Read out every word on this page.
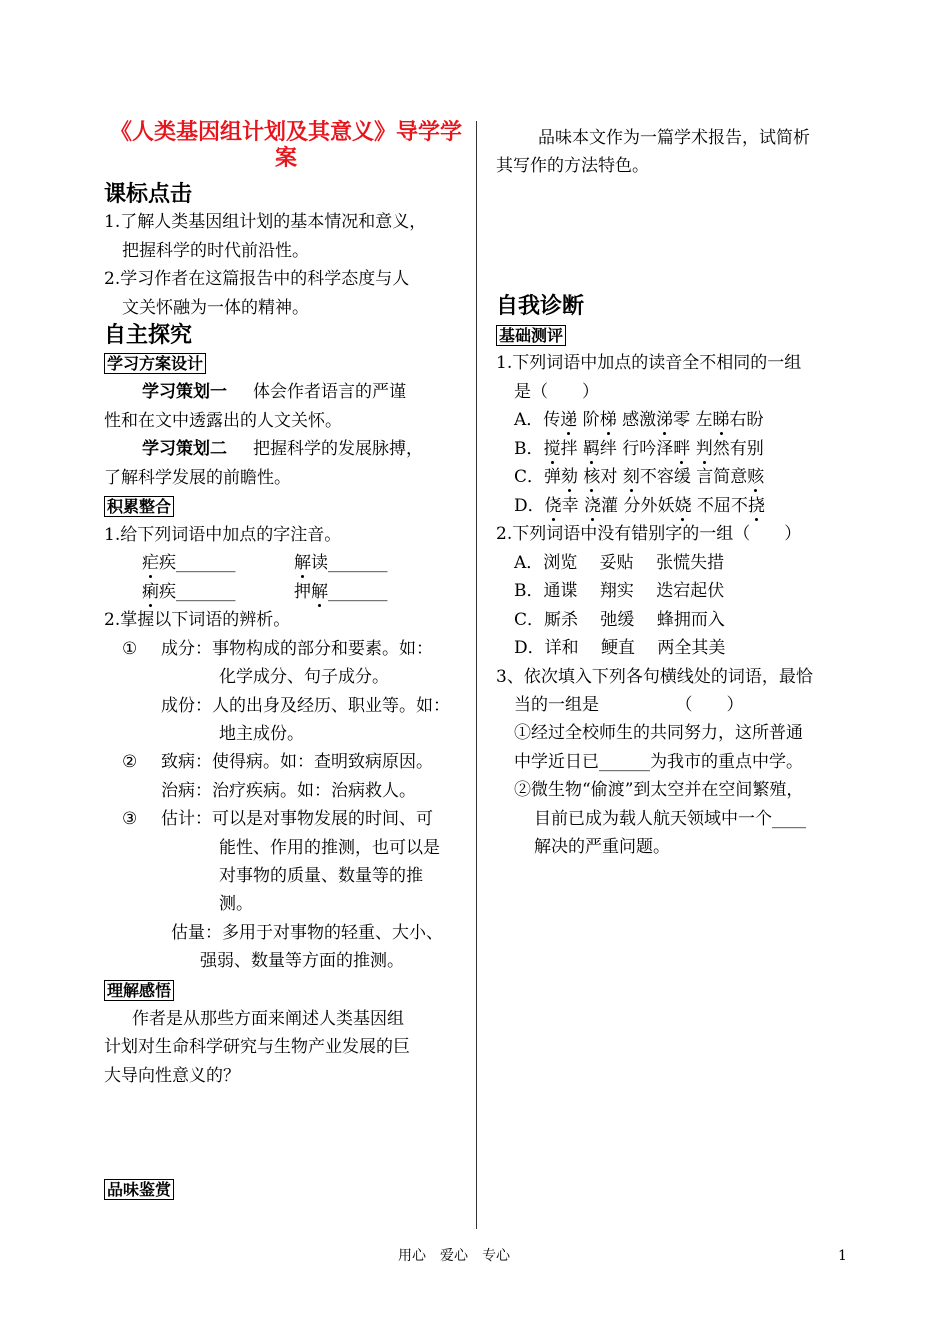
《人类基因组计划及其意义》导学学案
课标点击
1.了解人类基因组计划的基本情况和意义，
把握科学的时代前沿性。
2.学习作者在这篇报告中的科学态度与人
文关怀融为一体的精神。
自主探究
学习方案设计
学习策划一 体会作者语言的严谨
性和在文中透露出的人文关怀。
学习策划二 把握科学的发展脉搏，
了解科学发展的前瞻性。
积累整合
1.给下列词语中加点的字注音。
疟疾_______	解读_______
痢疾_______	押解_______
2.掌握以下词语的辨析。
① 成分：事物构成的部分和要素。如：
化学成分、句子成分。
成份：人的出身及经历、职业等。如：
地主成份。
② 致病：使得病。如：查明致病原因。
治病：治疗疾病。如：治病救人。
③ 估计：可以是对事物发展的时间、可
能性、作用的推测，也可以是
对事物的质量、数量等的推
测。
估量：多用于对事物的轻重、大小、
强弱、数量等方面的推测。
理解感悟
作者是从那些方面来阐述人类基因组
计划对生命科学研究与生物产业发展的巨
大导向性意义的？
品味鉴赏
品味本文作为一篇学术报告，试简析
其写作的方法特色。
自我诊断
基础测评
1.下列词语中加点的读音全不相同的一组
是（　　）
A．传递 阶梯 感激涕零 左睇右盼
B．搅拌 羁绊 行吟泽畔 判然有别
C．弹劾 核对 刻不容缓 言简意赅
D．侥幸 浇灌 分外妖娆 不屈不挠
2.下列词语中没有错别字的一组（　　）
A．浏览　 妥贴　 张慌失措
B．通谍　 翔实　 迭宕起伏
C．厮杀　 弛缓　 蜂拥而入
D．详和　 鲠直　 两全其美
3、依次填入下列各句横线处的词语，最恰
当的一组是　　　　　（　　）
①经过全校师生的共同努力，这所普通
中学近日已______为我市的重点中学。
②微生物“偷渡”到太空并在空间繁殖，
目前已成为载人航天领域中一个____
解决的严重问题。
用心　爱心　专心	1
